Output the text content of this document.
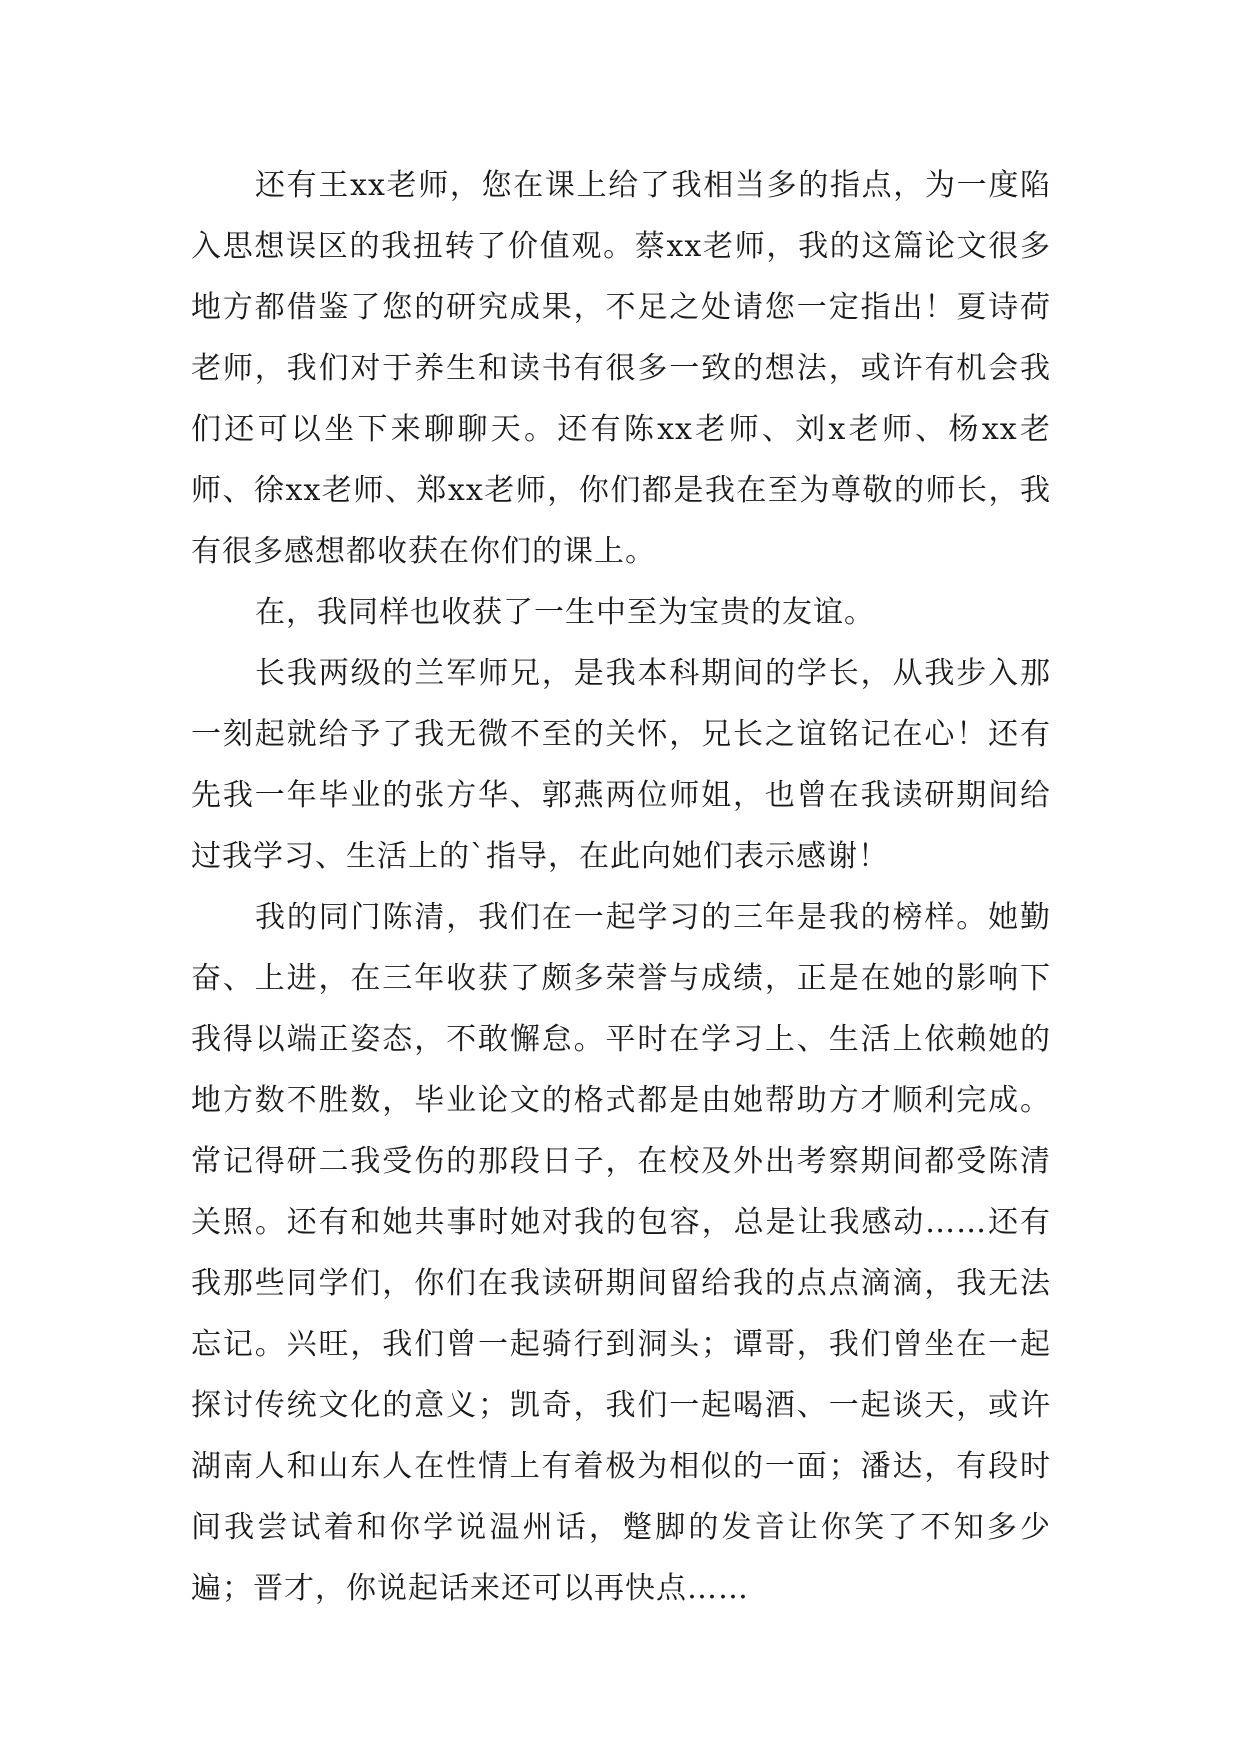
还有王xx老师，您在课上给了我相当多的指点，为一度陷入思想误区的我扭转了价值观。蔡xx老师，我的这篇论文很多地方都借鉴了您的研究成果，不足之处请您一定指出！夏诗荷老师，我们对于养生和读书有很多一致的想法，或许有机会我们还可以坐下来聊聊天。还有陈xx老师、刘x老师、杨xx老师、徐xx老师、郑xx老师，你们都是我在至为尊敬的师长，我有很多感想都收获在你们的课上。

在，我同样也收获了一生中至为宝贵的友谊。

长我两级的兰军师兄，是我本科期间的学长，从我步入那一刻起就给予了我无微不至的关怀，兄长之谊铭记在心！还有先我一年毕业的张方华、郭燕两位师姐，也曾在我读研期间给过我学习、生活上的`指导，在此向她们表示感谢！

我的同门陈清，我们在一起学习的三年是我的榜样。她勤奋、上进，在三年收获了颇多荣誉与成绩，正是在她的影响下我得以端正姿态，不敢懈怠。平时在学习上、生活上依赖她的地方数不胜数，毕业论文的格式都是由她帮助方才顺利完成。常记得研二我受伤的那段日子，在校及外出考察期间都受陈清关照。还有和她共事时她对我的包容，总是让我感动……还有我那些同学们，你们在我读研期间留给我的点点滴滴，我无法忘记。兴旺，我们曾一起骑行到洞头；谭哥，我们曾坐在一起探讨传统文化的意义；凯奇，我们一起喝酒、一起谈天，或许湖南人和山东人在性情上有着极为相似的一面；潘达，有段时间我尝试着和你学说温州话，蹩脚的发音让你笑了不知多少遍；晋才，你说起话来还可以再快点……
